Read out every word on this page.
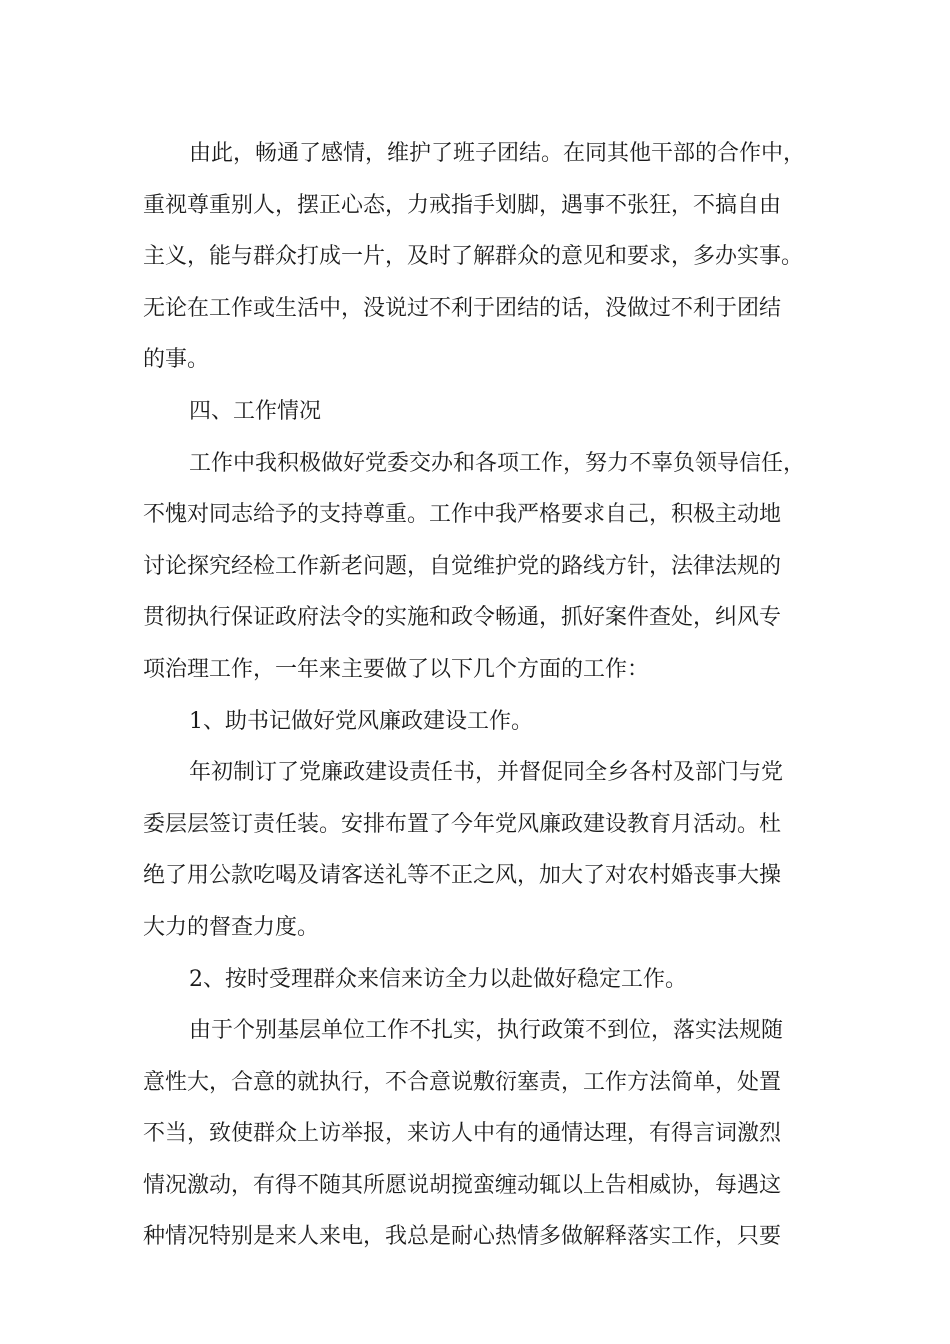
由此，畅通了感情，维护了班子团结。在同其他干部的合作中，
重视尊重别人，摆正心态，力戒指手划脚，遇事不张狂，不搞自由
主义，能与群众打成一片，及时了解群众的意见和要求，多办实事。
无论在工作或生活中，没说过不利于团结的话，没做过不利于团结
的事。
四、工作情况
工作中我积极做好党委交办和各项工作，努力不辜负领导信任，
不愧对同志给予的支持尊重。工作中我严格要求自己，积极主动地
讨论探究经检工作新老问题，自觉维护党的路线方针，法律法规的
贯彻执行保证政府法令的实施和政令畅通，抓好案件查处，纠风专
项治理工作，一年来主要做了以下几个方面的工作：
1、助书记做好党风廉政建设工作。
年初制订了党廉政建设责任书，并督促同全乡各村及部门与党
委层层签订责任装。安排布置了今年党风廉政建设教育月活动。杜
绝了用公款吃喝及请客送礼等不正之风，加大了对农村婚丧事大操
大力的督查力度。
2、按时受理群众来信来访全力以赴做好稳定工作。
由于个别基层单位工作不扎实，执行政策不到位，落实法规随
意性大，合意的就执行，不合意说敷衍塞责，工作方法简单，处置
不当，致使群众上访举报，来访人中有的通情达理，有得言词激烈
情况激动，有得不随其所愿说胡搅蛮缠动辄以上告相威协，每遇这
种情况特别是来人来电，我总是耐心热情多做解释落实工作，只要
